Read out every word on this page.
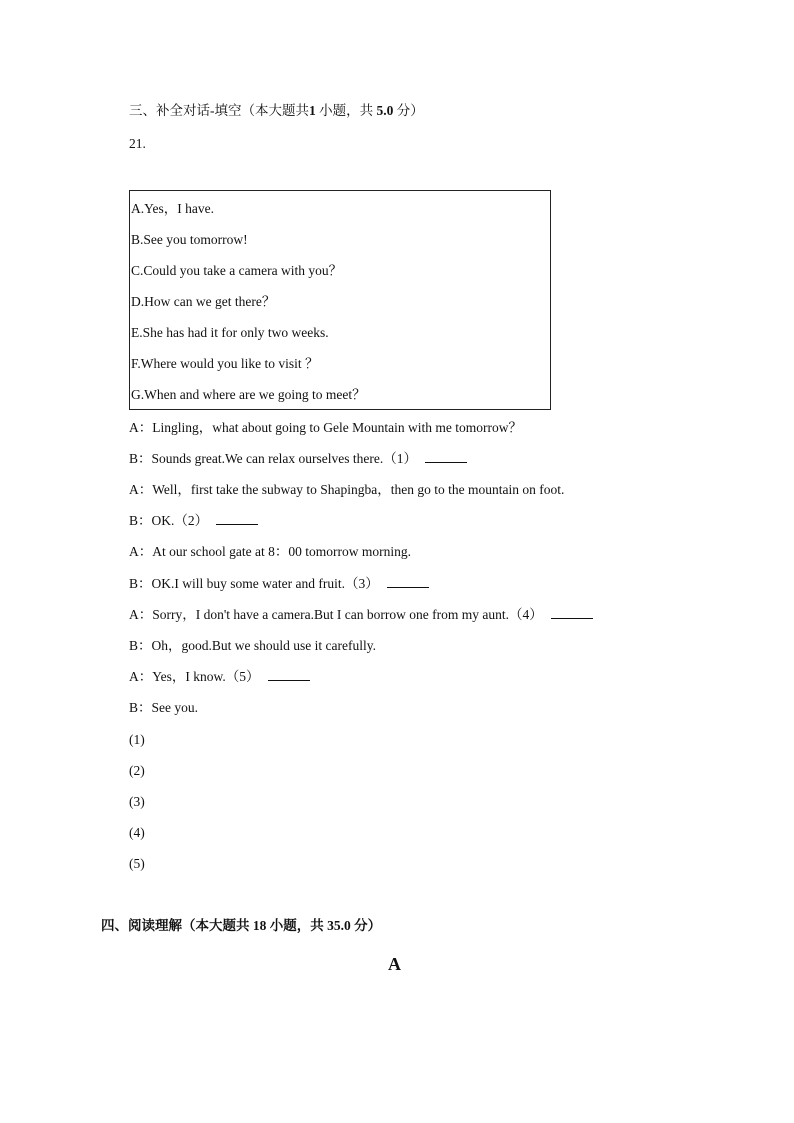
三、补全对话-填空（本大题共1 小题，共 5.0 分）
21.
A.Yes，I have.
B.See you tomorrow!
C.Could you take a camera with you？
D.How can we get there？
E.She has had it for only two weeks.
F.Where would you like to visit ？
G.When and where are we going to meet？
A：Lingling，what about going to Gele Mountain with me tomorrow？
B：Sounds great.We can relax ourselves there.（1）
A：Well，first take the subway to Shapingba，then go to the mountain on foot.
B：OK.（2）
A：At our school gate at 8：00 tomorrow morning.
B：OK.I will buy some water and fruit.（3）
A：Sorry，I don't have a camera.But I can borrow one from my aunt.（4）
B：Oh，good.But we should use it carefully.
A：Yes，I know.（5）
B：See you.
(1)
(2)
(3)
(4)
(5)
四、阅读理解（本大题共 18 小题，共 35.0 分）
A
